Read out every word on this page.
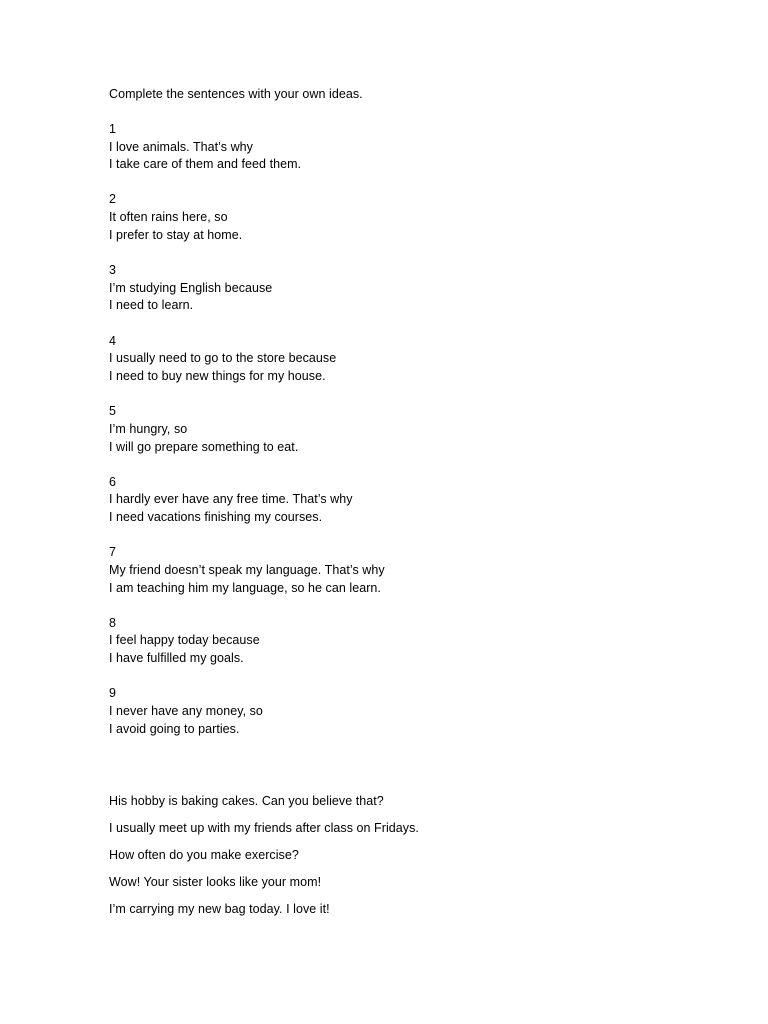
Complete the sentences with your own ideas.
1
I love animals. That’s why
I take care of them and feed them.
2
It often rains here, so
I prefer to stay at home.
3
I’m studying English because
I need to learn.
4
I usually need to go to the store because
I need to buy new things for my house.
5
I’m hungry, so
I will go prepare something to eat.
6
I hardly ever have any free time. That’s why
I need vacations finishing my courses.
7
My friend doesn’t speak my language. That’s why
I am teaching him my language, so he can learn.
8
I feel happy today because
I have fulfilled my goals.
9
I never have any money, so
I avoid going to parties.
His hobby is baking cakes. Can you believe that?
I usually meet up with my friends after class on Fridays.
How often do you make exercise?
Wow! Your sister looks like your mom!
I’m carrying my new bag today. I love it!
